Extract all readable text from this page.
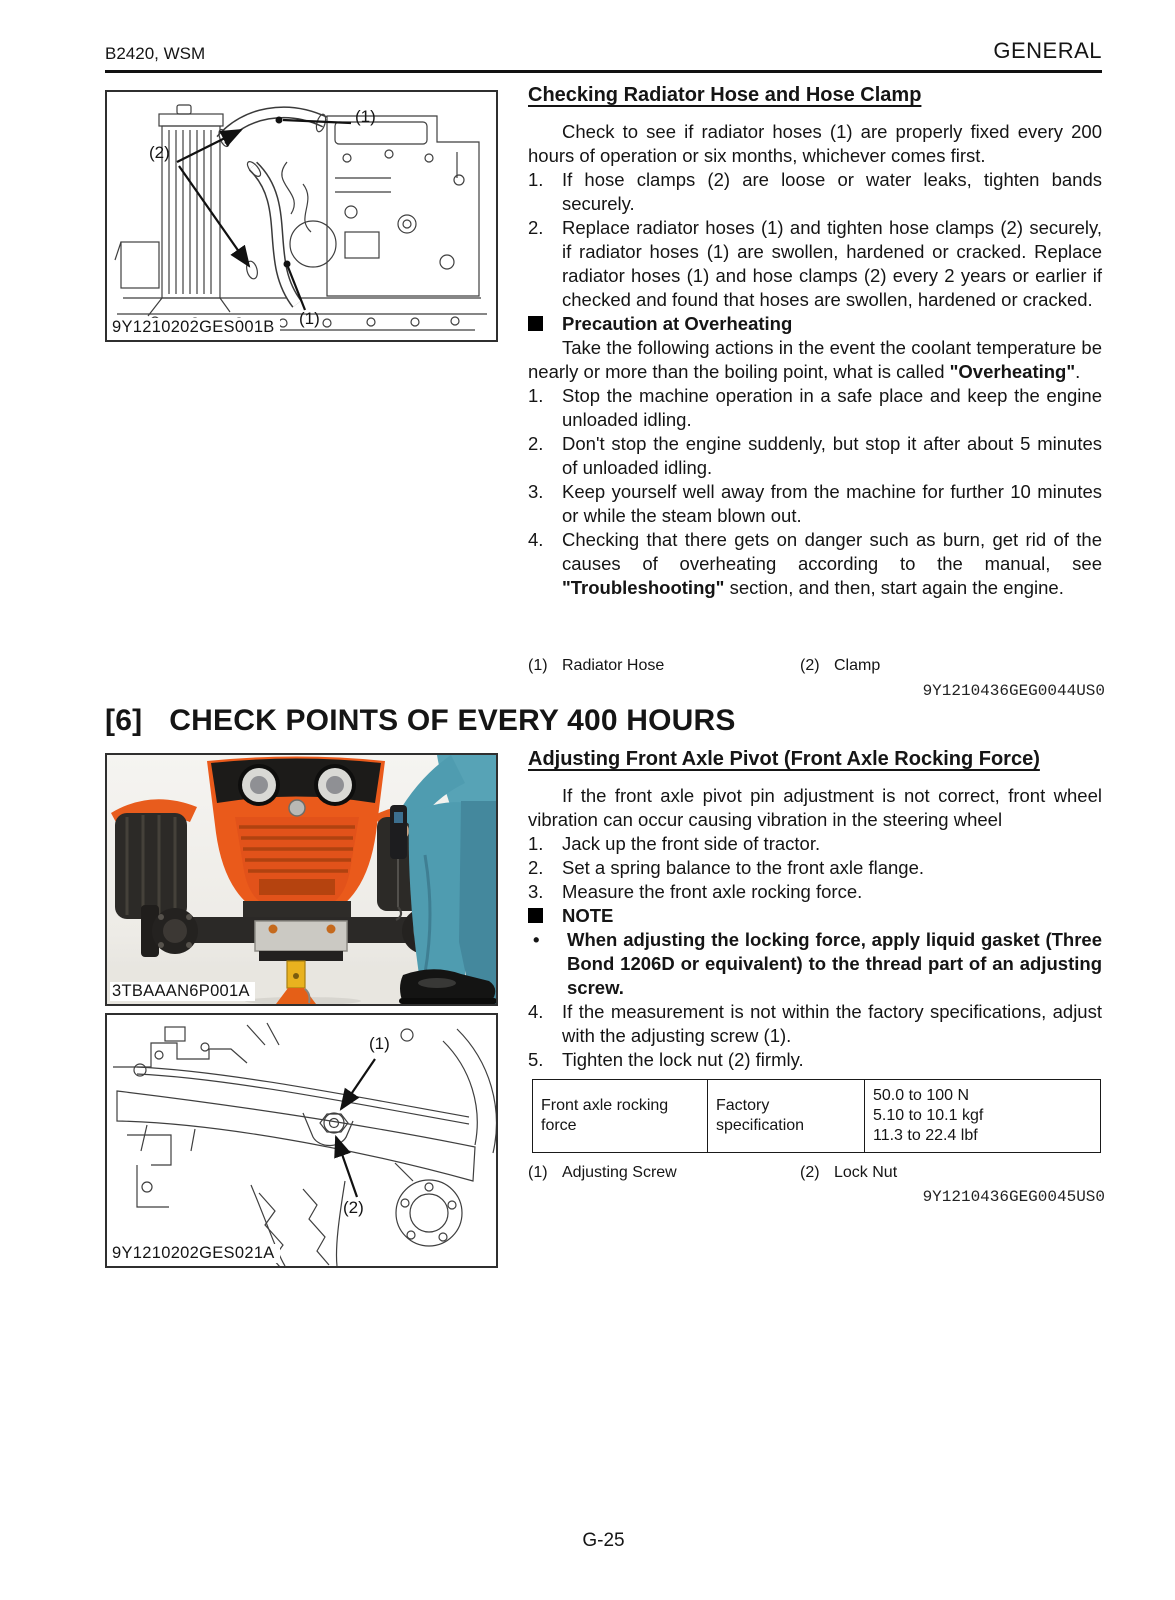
B2420, WSM	GENERAL
(1)
(2)
(1)
9Y1210202GES001B
Checking Radiator Hose and Hose Clamp

Check to see if radiator hoses (1) are properly fixed every 200 hours of operation or six months, whichever comes first.

1.	If hose clamps (2) are loose or water leaks, tighten bands securely.
2.	Replace radiator hoses (1) and tighten hose clamps (2) securely, if radiator hoses (1) are swollen, hardened or cracked. Replace radiator hoses (1) and hose clamps (2) every 2 years or earlier if checked and found that hoses are swollen, hardened or cracked.
Precaution at Overheating

Take the following actions in the event the coolant temperature be nearly or more than the boiling point, what is called "Overheating".

1.	Stop the machine operation in a safe place and keep the engine unloaded idling.
2.	Don't stop the engine suddenly, but stop it after about 5 minutes of unloaded idling.
3.	Keep yourself well away from the machine for further 10 minutes or while the steam blown out.
4.	Checking that there gets on danger such as burn, get rid of the causes of overheating according to the manual, see "Troubleshooting" section, and then, start again the engine.
(1) Radiator Hose	(2) Clamp
9Y1210436GEG0044US0
[6] CHECK POINTS OF EVERY 400 HOURS
3TBAAAN6P001A
(1)
(2)
9Y1210202GES021A
Adjusting Front Axle Pivot (Front Axle Rocking Force)

If the front axle pivot pin adjustment is not correct, front wheel vibration can occur causing vibration in the steering wheel

1.	Jack up the front side of tractor.
2.	Set a spring balance to the front axle flange.
3.	Measure the front axle rocking force.
NOTE
•
When adjusting the locking force, apply liquid gasket (Three Bond 1206D or equivalent) to the thread part of an adjusting screw.
4.	If the measurement is not within the factory specifications, adjust with the adjusting screw (1).
5.	Tighten the lock nut (2) firmly.
Front axle rocking force	Factory specification	
50.0 to 100 N
5.10 to 10.1 kgf
11.3 to 22.4 lbf
(1) Adjusting Screw	(2) Lock Nut
9Y1210436GEG0045US0
G-25
